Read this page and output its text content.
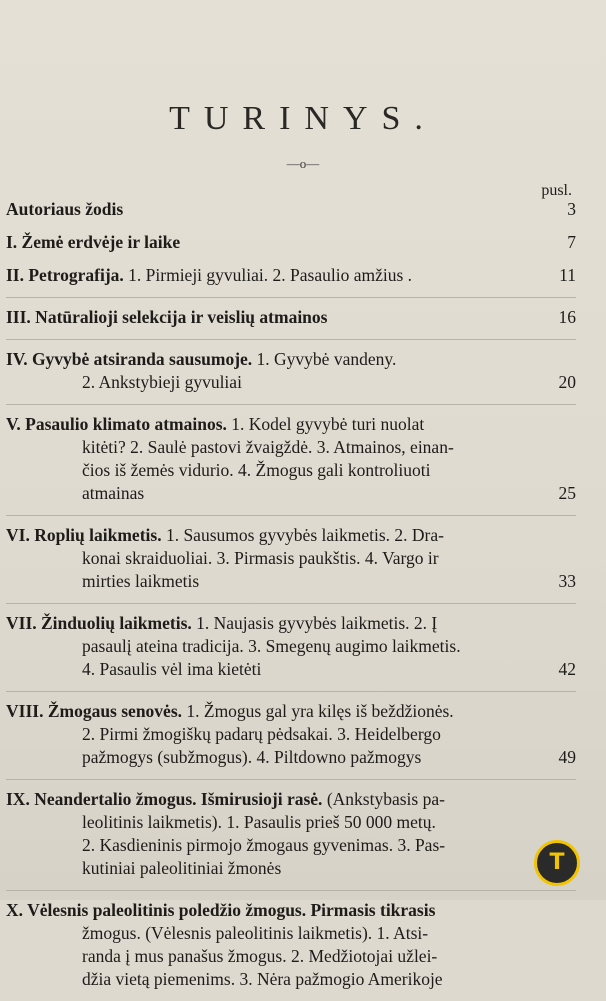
TURINYS.
—o—
pusl.
Autoriaus žodis	3
I. Žemė erdvėje ir laike	7
II. Petrografija. 1. Pirmieji gyvuliai. 2. Pasaulio amžius .	11
III. Natūralioji selekcija ir veislių atmainos	16
IV. Gyvybė atsiranda sausumoje. 1. Gyvybė vandeny.
2. Ankstybieji gyvuliai	20
V. Pasaulio klimato atmainos. 1. Kodel gyvybė turi nuolat
kitėti? 2. Saulė pastovi žvaigždė. 3. Atmainos, einan-
čios iš žemės vidurio. 4. Žmogus gali kontroliuoti
atmainas	25
VI. Roplių laikmetis. 1. Sausumos gyvybės laikmetis. 2. Dra-
konai skraiduoliai. 3. Pirmasis paukštis. 4. Vargo ir
mirties laikmetis	33
VII. Žinduolių laikmetis. 1. Naujasis gyvybės laikmetis. 2. Į
pasaulį ateina tradicija. 3. Smegenų augimo laikmetis.
4. Pasaulis vėl ima kietėti	42
VIII. Žmogaus senovės. 1. Žmogus gal yra kilęs iš beždžionės.
2. Pirmi žmogiškų padarų pėdsakai. 3. Heidelbergo
pažmogys (subžmogus). 4. Piltdowno pažmogys	49
IX. Neandertalio žmogus. Išmirusioji rasė. (Ankstybasis pa-
leolitinis laikmetis). 1. Pasaulis prieš 50 000 metų.
2. Kasdieninis pirmojo žmogaus gyvenimas. 3. Pas-
kutiniai paleolitiniai žmonės
X. Vėlesnis paleolitinis poledžio žmogus. Pirmasis tikrasis
žmogus. (Vėlesnis paleolitinis laikmetis). 1. Atsi-
randa į mus panašus žmogus. 2. Medžiotojai užlei-
džia vietą piemenims. 3. Nėra pažmogio Amerikoje
T
